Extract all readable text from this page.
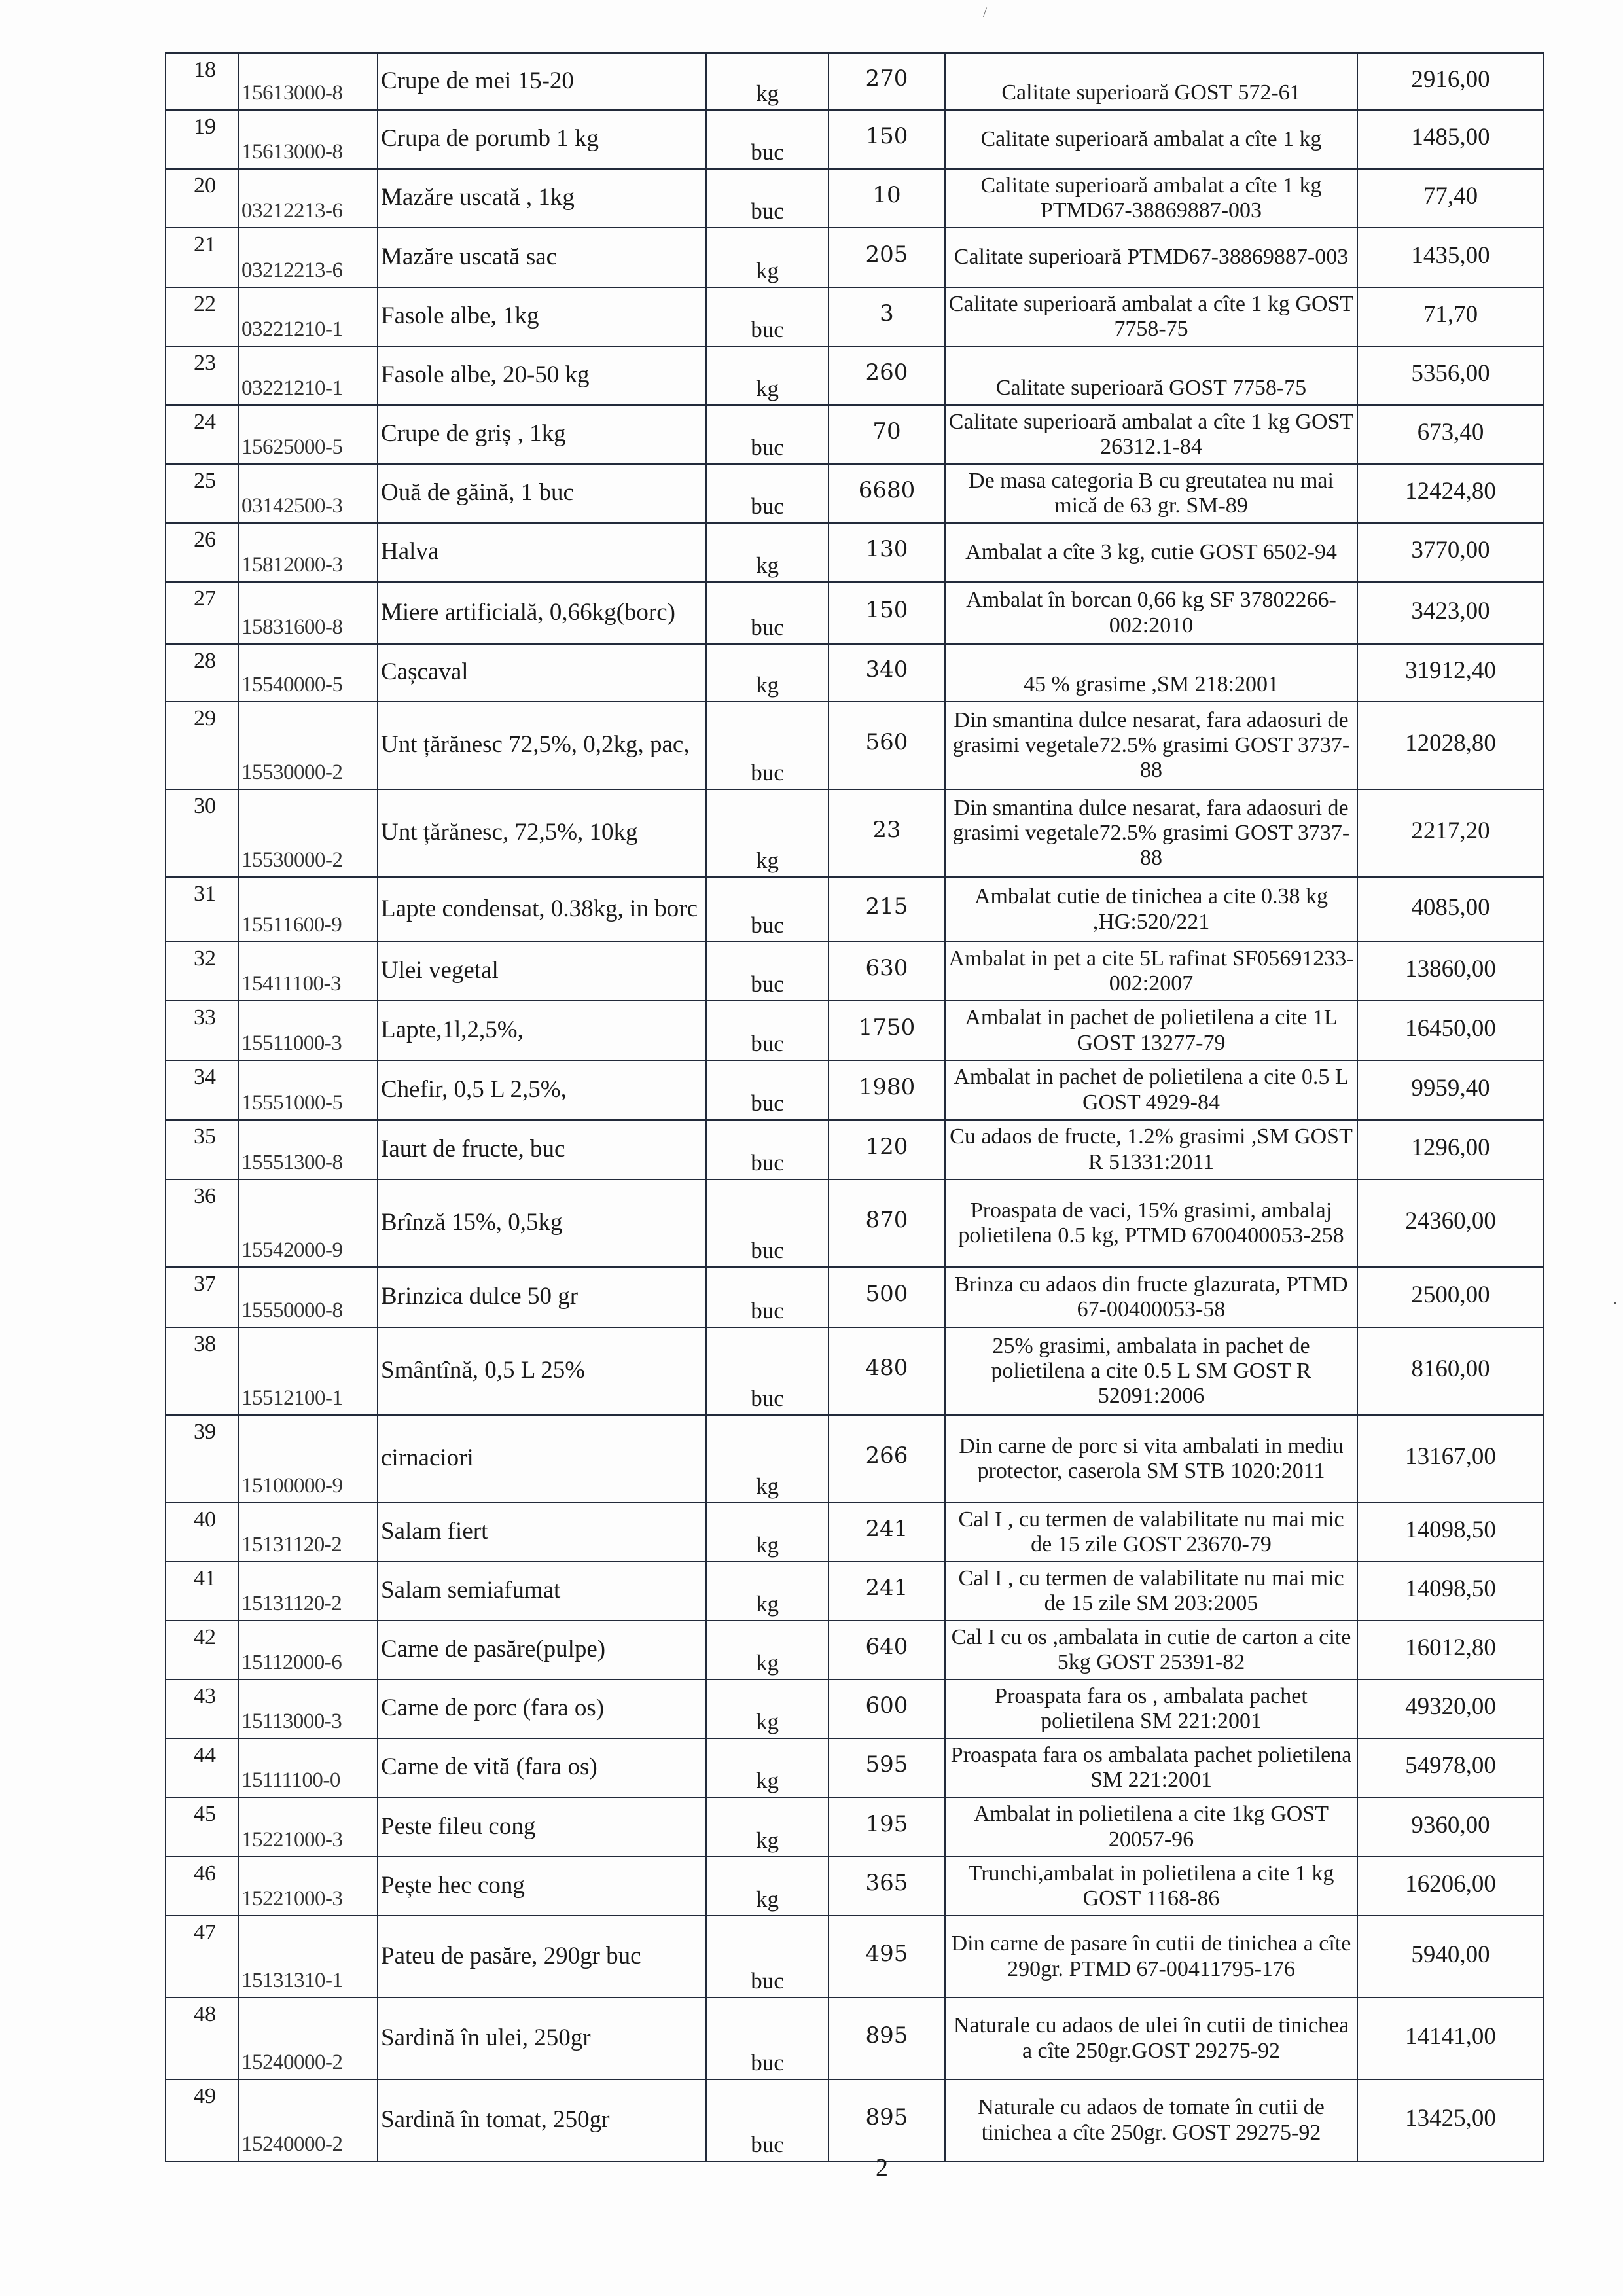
/
18	15613000-8	Crupe de mei 15-20	kg	270	Calitate superioară GOST 572-61	2916,00

19	15613000-8	Crupa de porumb 1 kg	buc	150	Calitate superioară ambalat a cîte 1 kg	1485,00

20	03212213-6	Mazăre uscată , 1kg	buc	10	Calitate superioară ambalat a cîte 1 kg PTMD67-38869887-003	77,40

21	03212213-6	Mazăre uscată sac	kg	205	Calitate superioară PTMD67-38869887-003	1435,00

22	03221210-1	Fasole albe, 1kg	buc	3	Calitate superioară ambalat a cîte 1 kg GOST 7758-75	71,70

23	03221210-1	Fasole albe, 20-50 kg	kg	260	Calitate superioară GOST 7758-75	5356,00

24	15625000-5	Crupe de griș , 1kg	buc	70	Calitate superioară ambalat a cîte 1 kg GOST 26312.1-84	673,40

25	03142500-3	Ouă de găină, 1 buc	buc	6680	De masa categoria B cu greutatea nu mai mică de 63 gr. SM-89	12424,80

26	15812000-3	Halva	kg	130	Ambalat a cîte 3 kg, cutie GOST 6502-94	3770,00

27	15831600-8	Miere artificială, 0,66kg(borc)	buc	150	Ambalat în borcan 0,66 kg SF 37802266-002:2010	3423,00

28	15540000-5	Cașcaval	kg	340	45 % grasime ,SM 218:2001	31912,40

29	15530000-2	Unt țărănesc 72,5%, 0,2kg, pac,	buc	560	Din smantina dulce nesarat, fara adaosuri de grasimi vegetale72.5% grasimi GOST 3737-88	12028,80

30	15530000-2	Unt țărănesc, 72,5%, 10kg	kg	23	Din smantina dulce nesarat, fara adaosuri de grasimi vegetale72.5% grasimi GOST 3737-88	2217,20

31	15511600-9	Lapte condensat, 0.38kg, in borc	buc	215	Ambalat cutie de tinichea a cite 0.38 kg ,HG:520/221	4085,00

32	15411100-3	Ulei vegetal	buc	630	Ambalat in pet a cite 5L rafinat SF05691233-002:2007	13860,00

33	15511000-3	Lapte,1l,2,5%,	buc	1750	Ambalat in pachet de polietilena a cite 1L GOST 13277-79	16450,00

34	15551000-5	Chefir, 0,5 L 2,5%,	buc	1980	Ambalat in pachet de polietilena a cite 0.5 L GOST 4929-84	9959,40

35	15551300-8	Iaurt de fructe, buc	buc	120	Cu adaos de fructe, 1.2% grasimi ,SM GOST R 51331:2011	1296,00

36	15542000-9	Brînză 15%, 0,5kg	buc	870	Proaspata de vaci, 15% grasimi, ambalaj polietilena 0.5 kg, PTMD 6700400053-258	24360,00

37	15550000-8	Brinzica dulce 50 gr	buc	500	Brinza cu adaos din fructe glazurata, PTMD 67-00400053-58	2500,00

38	15512100-1	Smântînă, 0,5 L 25%	buc	480	25% grasimi, ambalata in pachet de polietilena a cite 0.5 L SM GOST R 52091:2006	8160,00

39	15100000-9	cirnaciori	kg	266	Din carne de porc si vita ambalati in mediu protector, caserola SM STB 1020:2011	13167,00

40	15131120-2	Salam fiert	kg	241	Cal I , cu termen de valabilitate nu mai mic de 15 zile GOST 23670-79	14098,50

41	15131120-2	Salam semiafumat	kg	241	Cal I , cu termen de valabilitate nu mai mic de 15 zile SM 203:2005	14098,50

42	15112000-6	Carne de pasăre(pulpe)	kg	640	Cal I cu os ,ambalata in cutie de carton a cite 5kg GOST 25391-82	16012,80

43	15113000-3	Carne de porc (fara os)	kg	600	Proaspata fara os , ambalata pachet polietilena SM 221:2001	49320,00

44	15111100-0	Carne de vită (fara os)	kg	595	Proaspata fara os ambalata pachet polietilena SM 221:2001	54978,00

45	15221000-3	Peste fileu cong	kg	195	Ambalat in polietilena a cite 1kg GOST 20057-96	9360,00

46	15221000-3	Pește hec cong	kg	365	Trunchi,ambalat in polietilena a cite 1 kg GOST 1168-86	16206,00

47	15131310-1	Pateu de pasăre, 290gr buc	buc	495	Din carne de pasare în cutii de tinichea a cîte 290gr. PTMD 67-00411795-176	5940,00

48	15240000-2	Sardină în ulei, 250gr	buc	895	Naturale cu adaos de ulei în cutii de tinichea a cîte 250gr.GOST 29275-92	14141,00

49	15240000-2	Sardină în tomat, 250gr	buc	895	Naturale cu adaos de tomate în cutii de tinichea a cîte 250gr. GOST 29275-92	13425,00
2
